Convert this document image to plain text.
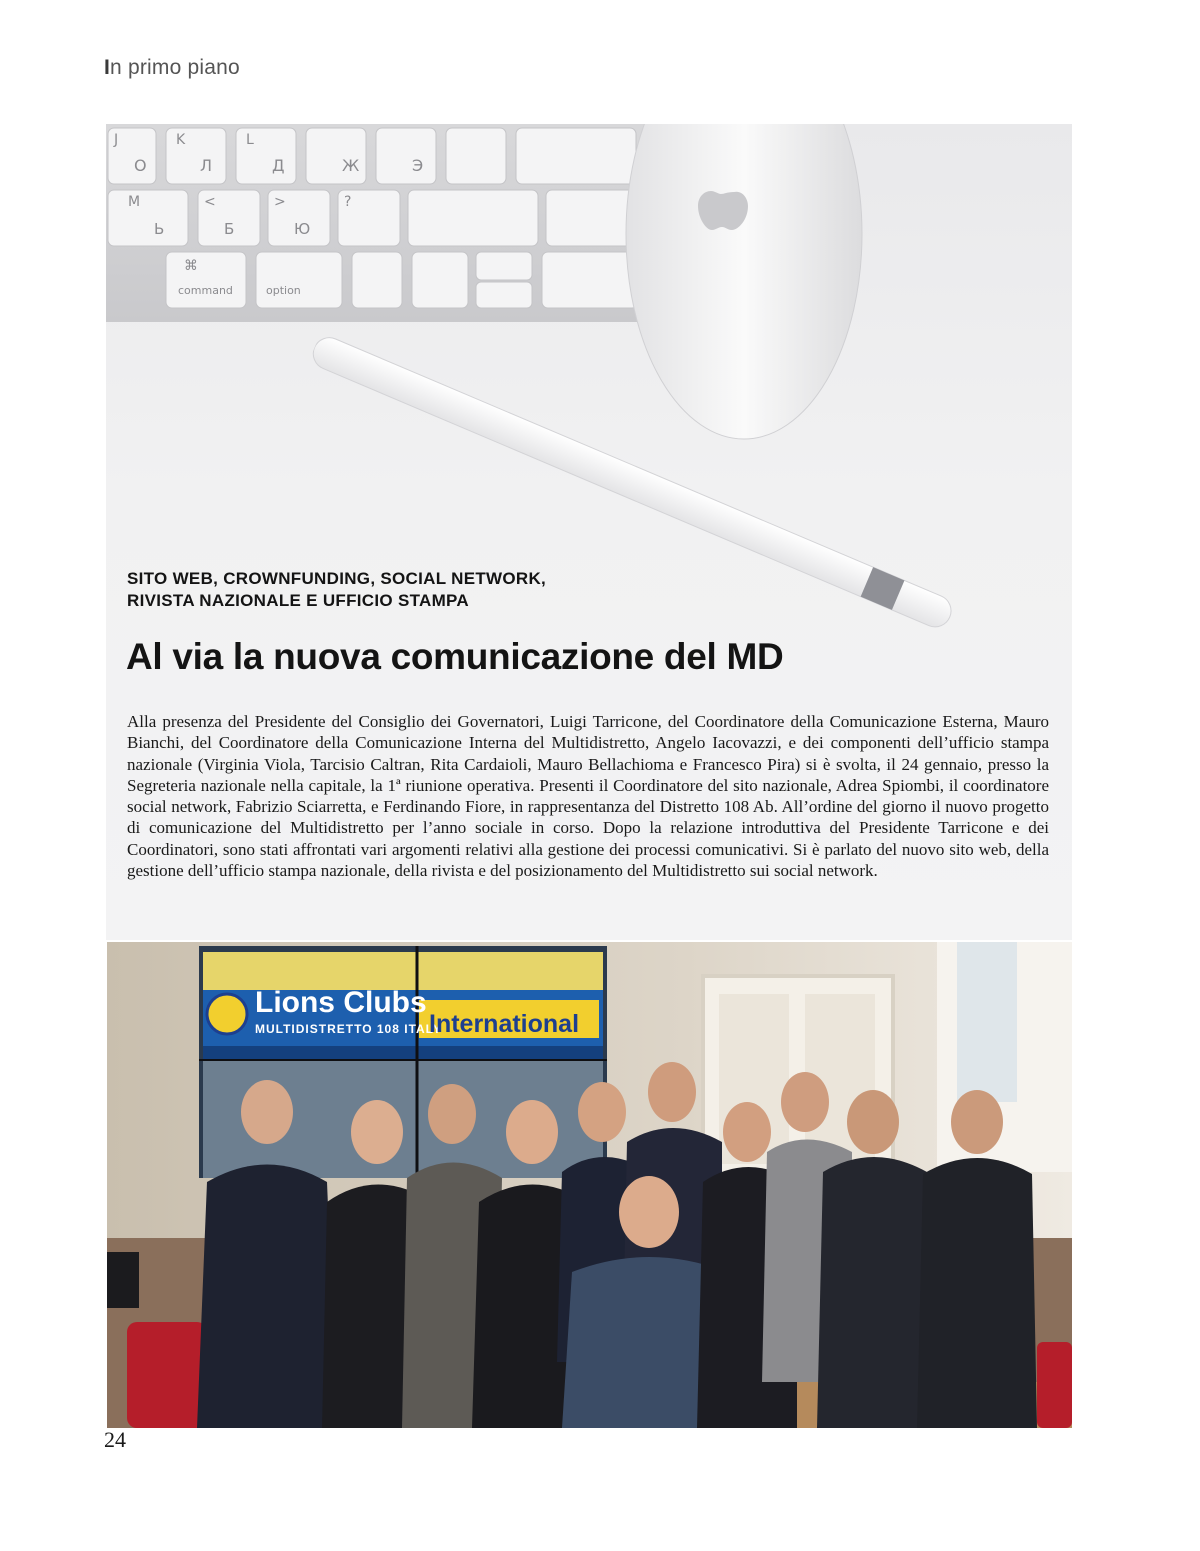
In primo piano
J	K	L
О	Л	Д	Ж	Э
M	<	>	?
Ь	Б	Ю
⌘
command	option
SITO WEB, CROWNFUNDING, SOCIAL NETWORK,
RIVISTA NAZIONALE E UFFICIO STAMPA
Al via la nuova comunicazione del MD
Alla presenza del Presidente del Consiglio dei Governatori, Luigi Tarricone, del Coordinatore della Comunicazione Esterna, Mauro Bianchi, del Coordinatore della Comunicazione Interna del Multidistretto, Angelo Iacovazzi, e dei componenti dell’ufficio stampa nazionale (Virginia Viola, Tarcisio Caltran, Rita Cardaioli, Mauro Bellachioma e Francesco Pira) si è svolta, il 24 gennaio, presso la Segreteria nazionale nella capitale, la 1ª riunione operativa. Presenti il Coordinatore del sito nazionale, Adrea Spiombi, il coordinatore social network, Fabrizio Sciarretta, e Ferdinando Fiore, in rappresentanza del Distretto 108 Ab. All’ordine del giorno il nuovo progetto di comunicazione del Multidistretto per l’anno sociale in corso. Dopo la relazione introduttiva del Presidente Tarricone e dei Coordinatori, sono stati affrontati vari argomenti relativi alla gestione dei processi comunicativi. Si è parlato del nuovo sito web, della gestione dell’ufficio stampa nazionale, della rivista e del posizionamento del Multidistretto sui social network.
Lions Clubs
MULTIDISTRETTO 108 ITALY
International
24
